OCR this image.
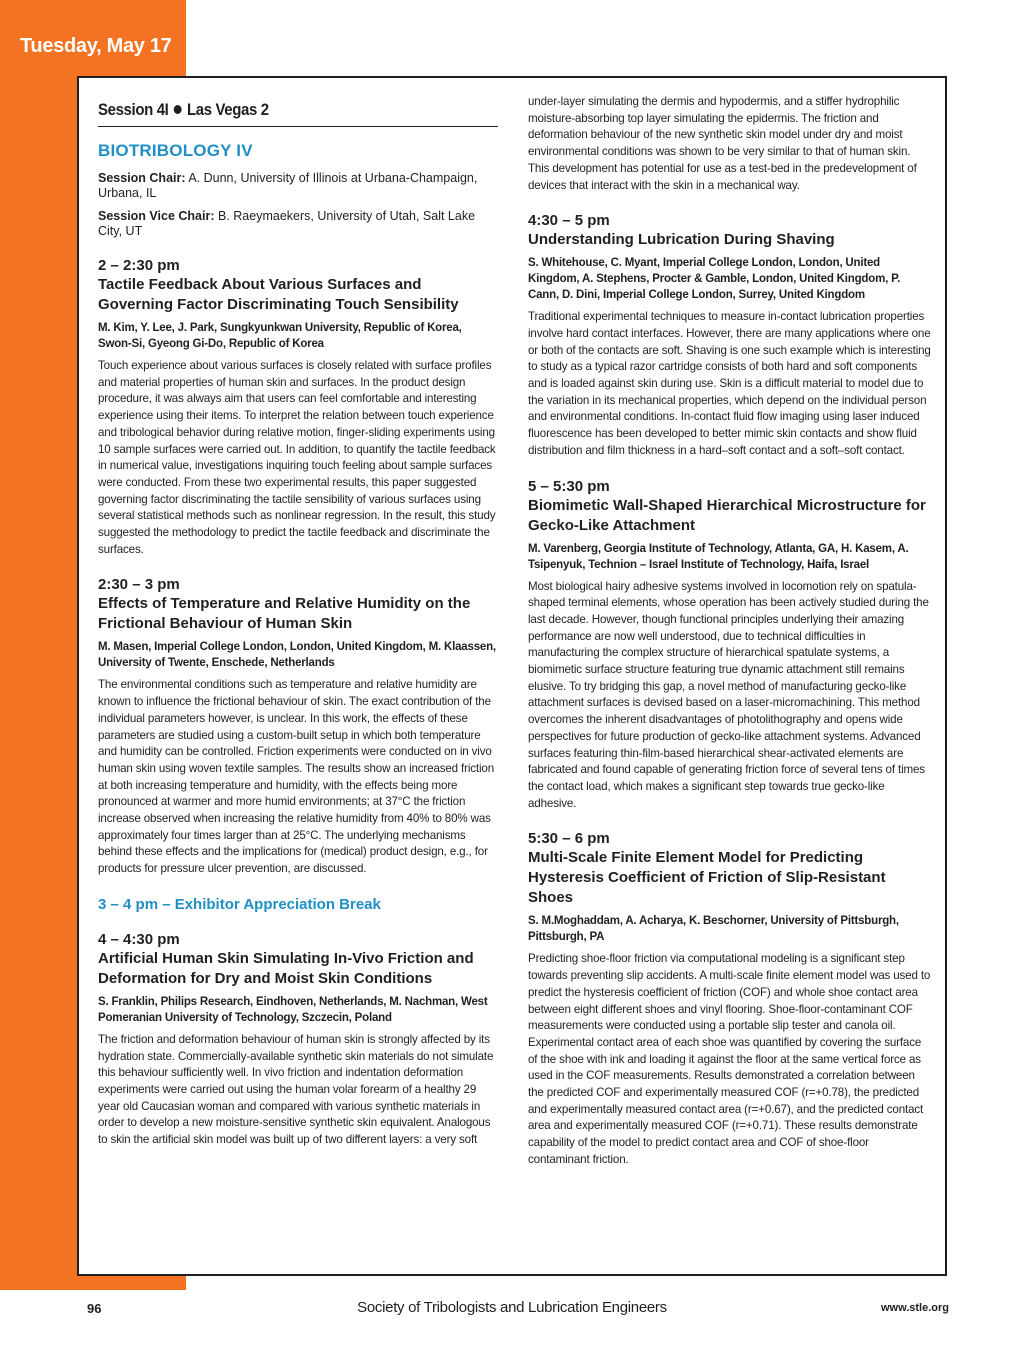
Tuesday, May 17
Session 4I Las Vegas 2
BIOTRIBOLOGY IV
Session Chair: A. Dunn, University of Illinois at Urbana-Champaign, Urbana, IL
Session Vice Chair: B. Raeymaekers, University of Utah, Salt Lake City, UT
2 – 2:30 pm
Tactile Feedback About Various Surfaces and Governing Factor Discriminating Touch Sensibility
M. Kim, Y. Lee, J. Park, Sungkyunkwan University, Republic of Korea, Swon-Si, Gyeong Gi-Do, Republic of Korea
Touch experience about various surfaces is closely related with surface profiles and material properties of human skin and surfaces. In the product design procedure, it was always aim that users can feel comfortable and interesting experience using their items. To interpret the relation between touch experience and tribological behavior during relative motion, finger-sliding experiments using 10 sample surfaces were carried out. In addition, to quantify the tactile feedback in numerical value, investigations inquiring touch feeling about sample surfaces were conducted. From these two experimental results, this paper suggested governing factor discriminating the tactile sensibility of various surfaces using several statistical methods such as nonlinear regression. In the result, this study suggested the methodology to predict the tactile feedback and discriminate the surfaces.
2:30 – 3 pm
Effects of Temperature and Relative Humidity on the Frictional Behaviour of Human Skin
M. Masen, Imperial College London, London, United Kingdom, M. Klaassen, University of Twente, Enschede, Netherlands
The environmental conditions such as temperature and relative humidity are known to influence the frictional behaviour of skin. The exact contribution of the individual parameters however, is unclear. In this work, the effects of these parameters are studied using a custom-built setup in which both temperature and humidity can be controlled. Friction experiments were conducted on in vivo human skin using woven textile samples. The results show an increased friction at both increasing temperature and humidity, with the effects being more pronounced at warmer and more humid environments; at 37°C the friction increase observed when increasing the relative humidity from 40% to 80% was approximately four times larger than at 25°C. The underlying mechanisms behind these effects and the implications for (medical) product design, e.g., for products for pressure ulcer prevention, are discussed.
3 – 4 pm – Exhibitor Appreciation Break
4 – 4:30 pm
Artificial Human Skin Simulating In-Vivo Friction and Deformation for Dry and Moist Skin Conditions
S. Franklin, Philips Research, Eindhoven, Netherlands, M. Nachman, West Pomeranian University of Technology, Szczecin, Poland
The friction and deformation behaviour of human skin is strongly affected by its hydration state. Commercially-available synthetic skin materials do not simulate this behaviour sufficiently well. In vivo friction and indentation deformation experiments were carried out using the human volar forearm of a healthy 29 year old Caucasian woman and compared with various synthetic materials in order to develop a new moisture-sensitive synthetic skin equivalent. Analogous to skin the artificial skin model was built up of two different layers: a very soft
under-layer simulating the dermis and hypodermis, and a stiffer hydrophilic moisture-absorbing top layer simulating the epidermis. The friction and deformation behaviour of the new synthetic skin model under dry and moist environmental conditions was shown to be very similar to that of human skin. This development has potential for use as a test-bed in the predevelopment of devices that interact with the skin in a mechanical way.
4:30 – 5 pm
Understanding Lubrication During Shaving
S. Whitehouse, C. Myant, Imperial College London, London, United Kingdom, A. Stephens, Procter & Gamble, London, United Kingdom, P. Cann, D. Dini, Imperial College London, Surrey, United Kingdom
Traditional experimental techniques to measure in-contact lubrication properties involve hard contact interfaces. However, there are many applications where one or both of the contacts are soft. Shaving is one such example which is interesting to study as a typical razor cartridge consists of both hard and soft components and is loaded against skin during use. Skin is a difficult material to model due to the variation in its mechanical properties, which depend on the individual person and environmental conditions. In-contact fluid flow imaging using laser induced fluorescence has been developed to better mimic skin contacts and show fluid distribution and film thickness in a hard–soft contact and a soft–soft contact.
5 – 5:30 pm
Biomimetic Wall-Shaped Hierarchical Microstructure for Gecko-Like Attachment
M. Varenberg, Georgia Institute of Technology, Atlanta, GA, H. Kasem, A. Tsipenyuk, Technion – Israel Institute of Technology, Haifa, Israel
Most biological hairy adhesive systems involved in locomotion rely on spatula-shaped terminal elements, whose operation has been actively studied during the last decade. However, though functional principles underlying their amazing performance are now well understood, due to technical difficulties in manufacturing the complex structure of hierarchical spatulate systems, a biomimetic surface structure featuring true dynamic attachment still remains elusive. To try bridging this gap, a novel method of manufacturing gecko-like attachment surfaces is devised based on a laser-micromachining. This method overcomes the inherent disadvantages of photolithography and opens wide perspectives for future production of gecko-like attachment systems. Advanced surfaces featuring thin-film-based hierarchical shear-activated elements are fabricated and found capable of generating friction force of several tens of times the contact load, which makes a significant step towards true gecko-like adhesive.
5:30 – 6 pm
Multi-Scale Finite Element Model for Predicting Hysteresis Coefficient of Friction of Slip-Resistant Shoes
S. M.Moghaddam, A. Acharya, K. Beschorner, University of Pittsburgh, Pittsburgh, PA
Predicting shoe-floor friction via computational modeling is a significant step towards preventing slip accidents. A multi-scale finite element model was used to predict the hysteresis coefficient of friction (COF) and whole shoe contact area between eight different shoes and vinyl flooring. Shoe-floor-contaminant COF measurements were conducted using a portable slip tester and canola oil. Experimental contact area of each shoe was quantified by covering the surface of the shoe with ink and loading it against the floor at the same vertical force as used in the COF measurements. Results demonstrated a correlation between the predicted COF and experimentally measured COF (r=+0.78), the predicted and experimentally measured contact area (r=+0.67), and the predicted contact area and experimentally measured COF (r=+0.71). These results demonstrate capability of the model to predict contact area and COF of shoe-floor contaminant friction.
96	Society of Tribologists and Lubrication Engineers	www.stle.org
